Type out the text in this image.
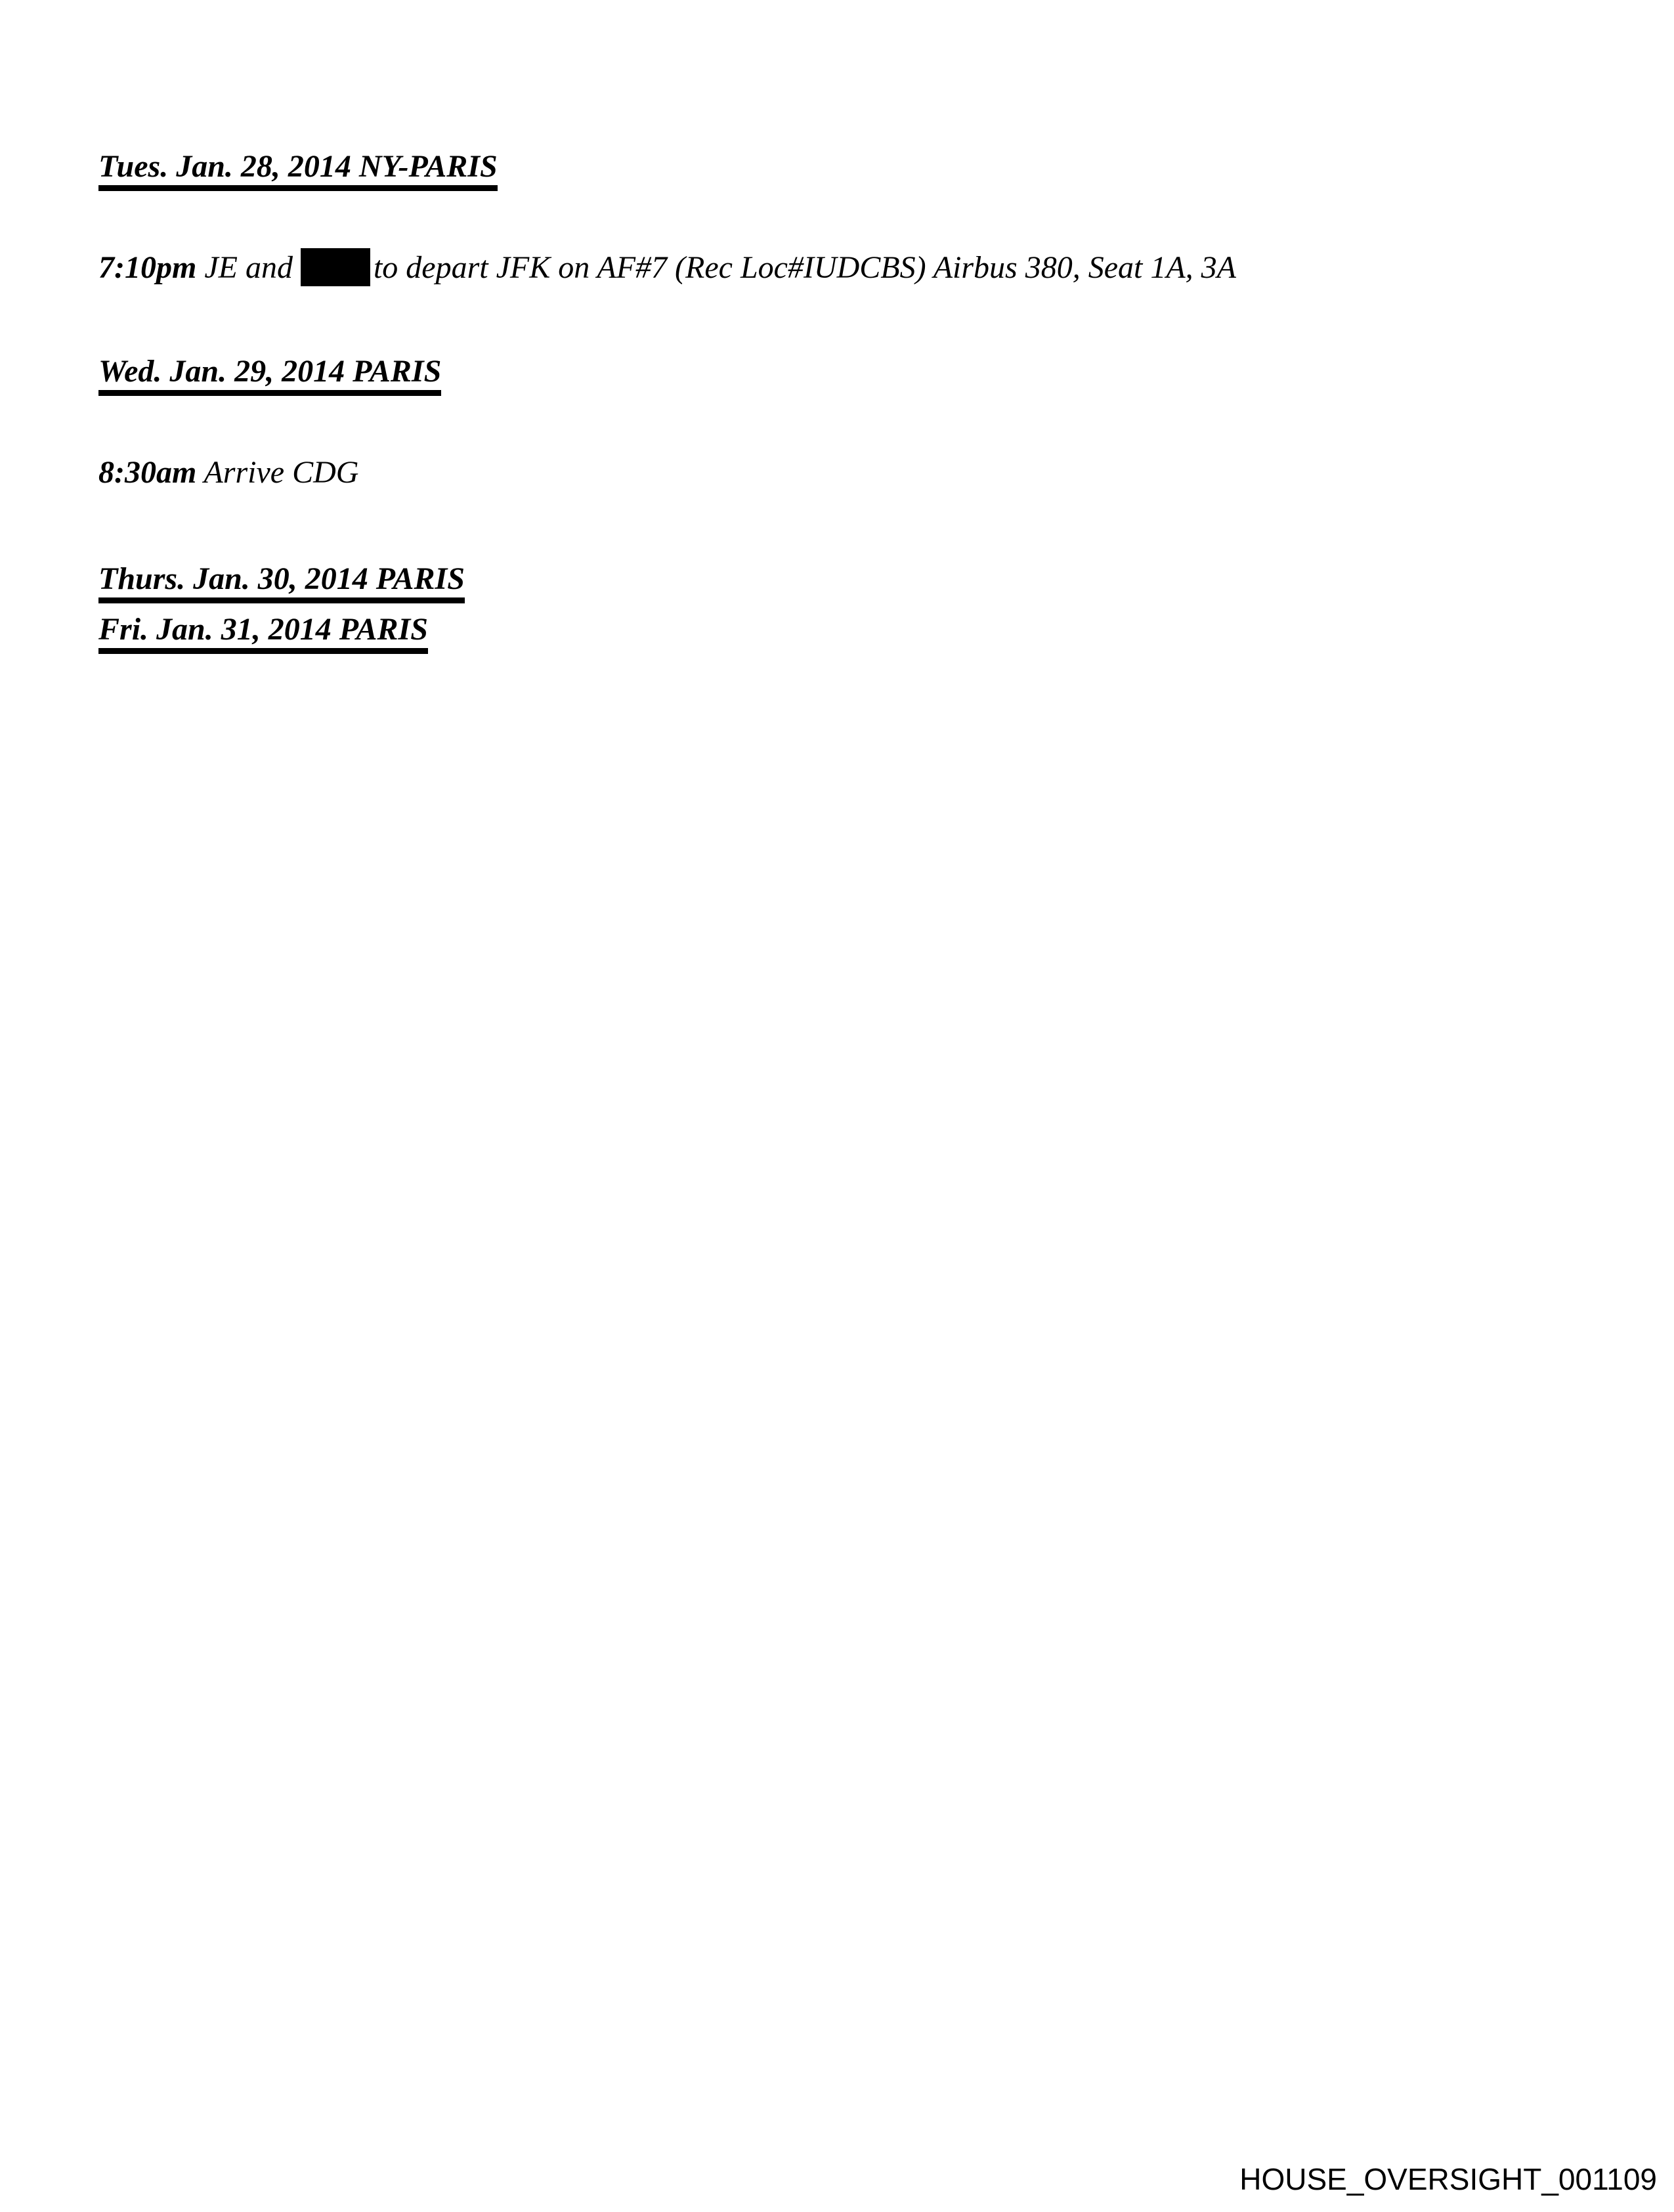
Tues. Jan. 28, 2014 NY-PARIS
7:10pm JE and	to depart JFK on AF#7 (Rec Loc#IUDCBS) Airbus 380, Seat 1A, 3A
Wed. Jan. 29, 2014 PARIS
8:30am Arrive CDG
Thurs. Jan. 30, 2014 PARIS
Fri. Jan. 31, 2014 PARIS
HOUSE_OVERSIGHT_001109
